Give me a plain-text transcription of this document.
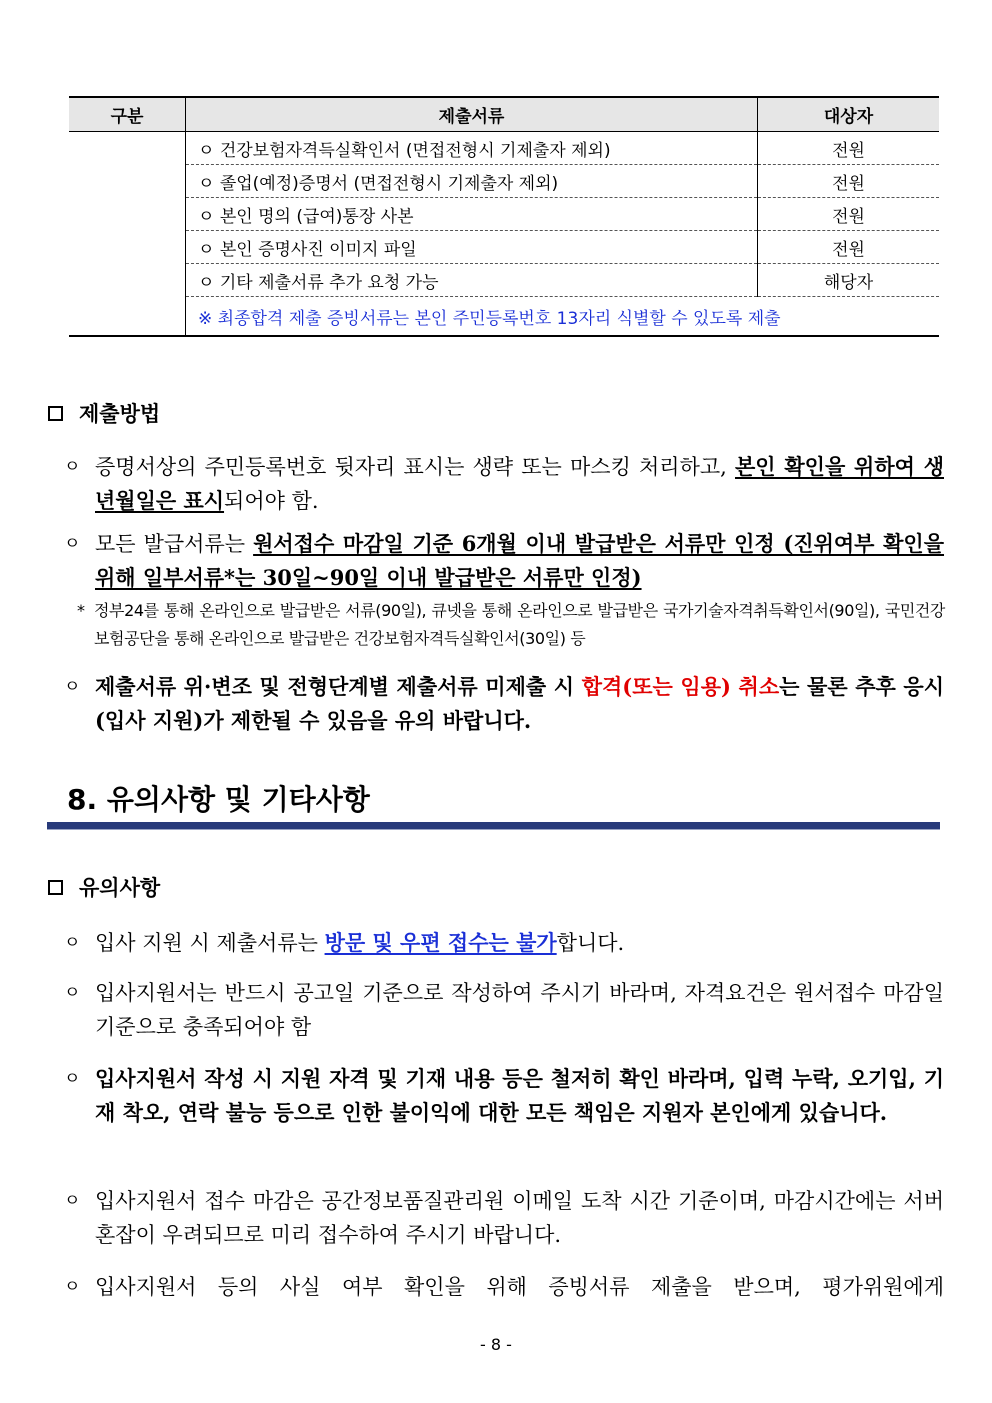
구분	제출서류	대상자
	ㅇ 건강보험자격득실확인서 (면접전형시 기제출자 제외)	전원
	ㅇ 졸업(예정)증명서 (면접전형시 기제출자 제외)	전원
	ㅇ 본인 명의 (급여)통장 사본	전원
	ㅇ 본인 증명사진 이미지 파일	전원
	ㅇ 기타 제출서류 추가 요청 가능	해당자
	※ 최종합격 제출 증빙서류는 본인 주민등록번호 13자리 식별할 수 있도록 제출	
제출방법
ㅇ 증명서상의 주민등록번호 뒷자리 표시는 생략 또는 마스킹 처리하고, 본인 확인을 위하여 생년월일은 표시되어야 함.
ㅇ 모든 발급서류는 원서접수 마감일 기준 6개월 이내 발급받은 서류만 인정 (진위여부 확인을 위해 일부서류*는 30일~90일 이내 발급받은 서류만 인정)
* 정부24를 통해 온라인으로 발급받은 서류(90일), 큐넷을 통해 온라인으로 발급받은 국가기술자격취득확인서(90일), 국민건강보험공단을 통해 온라인으로 발급받은 건강보험자격득실확인서(30일) 등
ㅇ 제출서류 위·변조 및 전형단계별 제출서류 미제출 시 합격(또는 임용) 취소는 물론 추후 응시(입사 지원)가 제한될 수 있음을 유의 바랍니다.
8. 유의사항 및 기타사항
유의사항
ㅇ 입사 지원 시 제출서류는 방문 및 우편 접수는 불가합니다.
ㅇ 입사지원서는 반드시 공고일 기준으로 작성하여 주시기 바라며, 자격요건은 원서접수 마감일 기준으로 충족되어야 함
ㅇ 입사지원서 작성 시 지원 자격 및 기재 내용 등은 철저히 확인 바라며, 입력 누락, 오기입, 기재 착오, 연락 불능 등으로 인한 불이익에 대한 모든 책임은 지원자 본인에게 있습니다.
ㅇ 입사지원서 접수 마감은 공간정보품질관리원 이메일 도착 시간 기준이며, 마감시간에는 서버 혼잡이 우려되므로 미리 접수하여 주시기 바랍니다.
ㅇ 입사지원서 등의 사실 여부 확인을 위해 증빙서류 제출을 받으며, 평가위원에게
- 8 -
